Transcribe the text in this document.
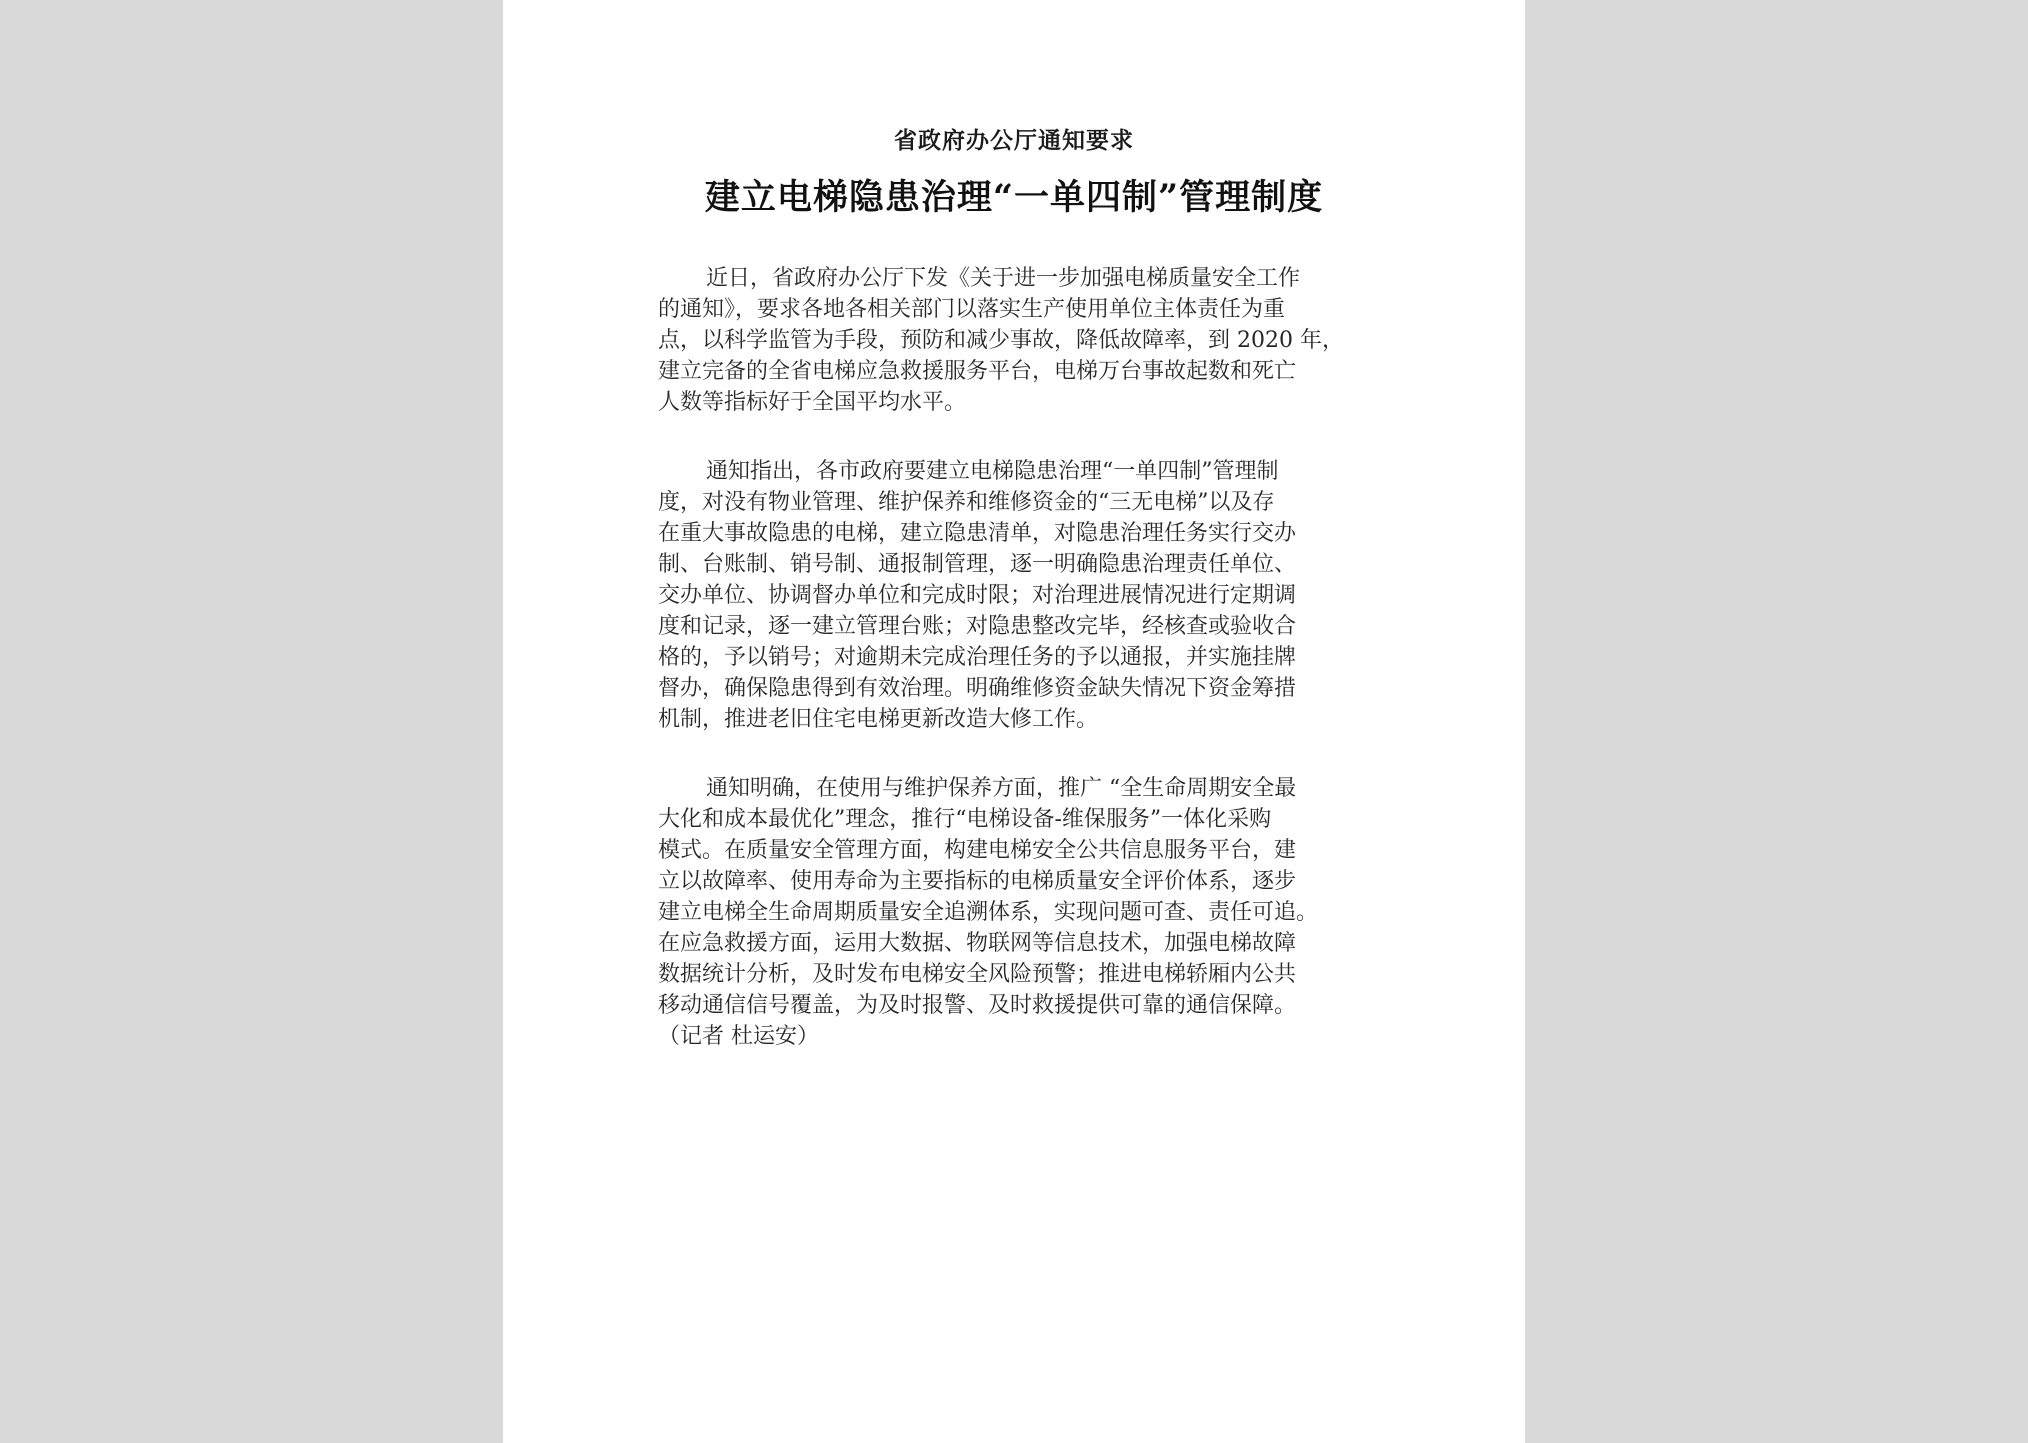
省政府办公厅通知要求
建立电梯隐患治理“一单四制”管理制度
近日，省政府办公厅下发《关于进一步加强电梯质量安全工作
的通知》，要求各地各相关部门以落实生产使用单位主体责任为重
点，以科学监管为手段，预防和减少事故，降低故障率，到 2020 年，
建立完备的全省电梯应急救援服务平台，电梯万台事故起数和死亡
人数等指标好于全国平均水平。
通知指出，各市政府要建立电梯隐患治理“一单四制”管理制
度，对没有物业管理、维护保养和维修资金的“三无电梯”以及存
在重大事故隐患的电梯，建立隐患清单，对隐患治理任务实行交办
制、台账制、销号制、通报制管理，逐一明确隐患治理责任单位、
交办单位、协调督办单位和完成时限；对治理进展情况进行定期调
度和记录，逐一建立管理台账；对隐患整改完毕，经核查或验收合
格的，予以销号；对逾期未完成治理任务的予以通报，并实施挂牌
督办，确保隐患得到有效治理。明确维修资金缺失情况下资金筹措
机制，推进老旧住宅电梯更新改造大修工作。
通知明确，在使用与维护保养方面，推广 “全生命周期安全最
大化和成本最优化”理念，推行“电梯设备-维保服务”一体化采购
模式。在质量安全管理方面，构建电梯安全公共信息服务平台，建
立以故障率、使用寿命为主要指标的电梯质量安全评价体系，逐步
建立电梯全生命周期质量安全追溯体系，实现问题可查、责任可追。
在应急救援方面，运用大数据、物联网等信息技术，加强电梯故障
数据统计分析，及时发布电梯安全风险预警；推进电梯轿厢内公共
移动通信信号覆盖，为及时报警、及时救援提供可靠的通信保障。
（记者 杜运安）
